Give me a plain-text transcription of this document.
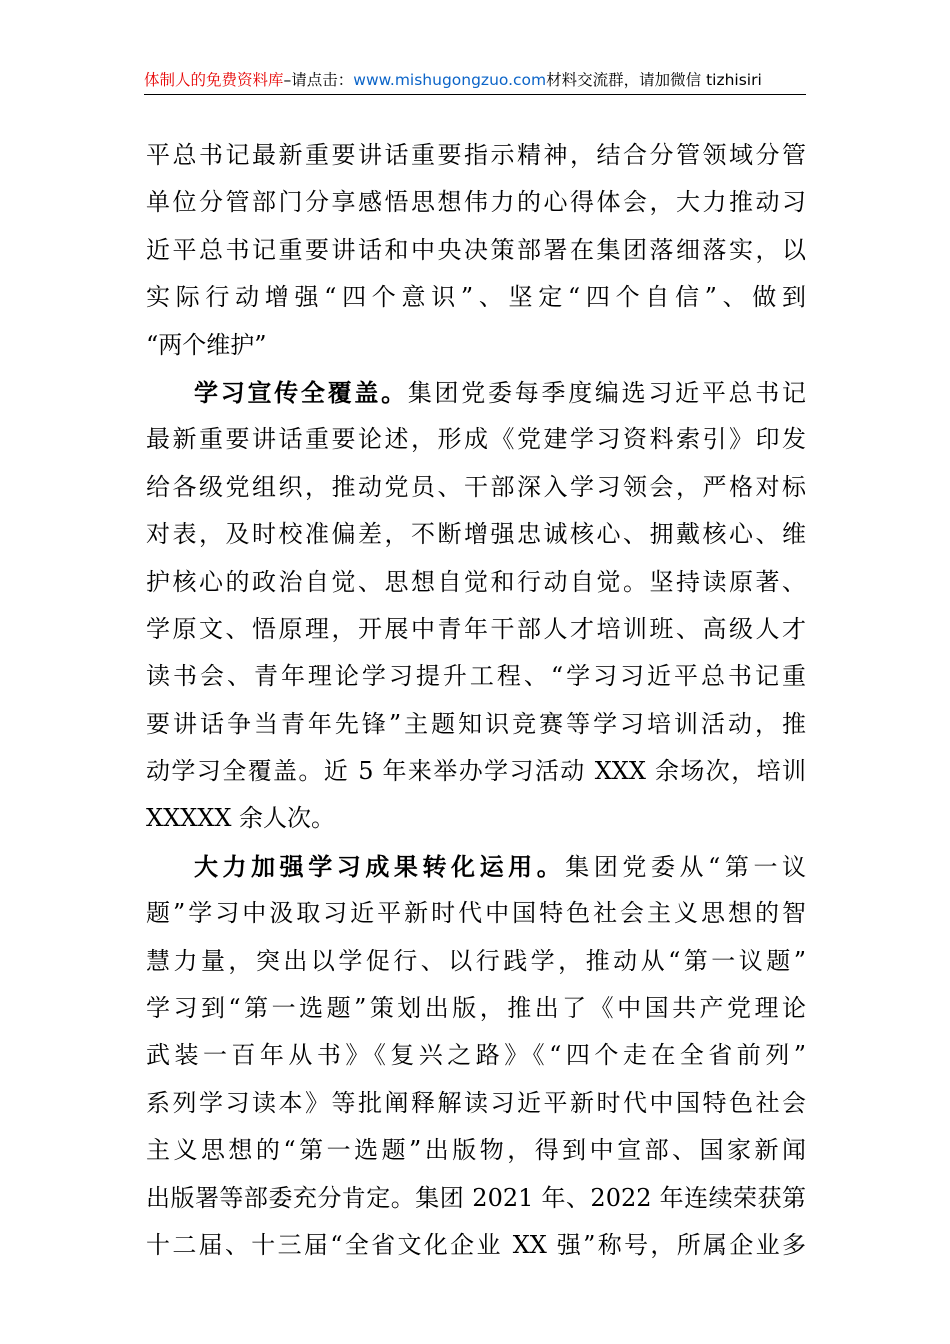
体制人的免费资料库–请点击：www.mishugongzuo.com材料交流群，请加微信 tizhisiri
平总书记最新重要讲话重要指示精神，结合分管领域分管
单位分管部门分享感悟思想伟力的心得体会，大力推动习
近平总书记重要讲话和中央决策部署在集团落细落实，以
实际行动增强“四个意识”、坚定“四个自信”、做到
“两个维护”
学习宣传全覆盖。集团党委每季度编选习近平总书记
最新重要讲话重要论述，形成《党建学习资料索引》印发
给各级党组织，推动党员、干部深入学习领会，严格对标
对表，及时校准偏差，不断增强忠诚核心、拥戴核心、维
护核心的政治自觉、思想自觉和行动自觉。坚持读原著、
学原文、悟原理，开展中青年干部人才培训班、高级人才
读书会、青年理论学习提升工程、“学习习近平总书记重
要讲话争当青年先锋”主题知识竞赛等学习培训活动，推
动学习全覆盖。近 5 年来举办学习活动 XXX 余场次，培训
XXXXX 余人次。
大力加强学习成果转化运用。集团党委从“第一议
题”学习中汲取习近平新时代中国特色社会主义思想的智
慧力量，突出以学促行、以行践学，推动从“第一议题”
学习到“第一选题”策划出版，推出了《中国共产党理论
武装一百年从书》《复兴之路》《“四个走在全省前列”
系列学习读本》等批阐释解读习近平新时代中国特色社会
主义思想的“第一选题”出版物，得到中宣部、国家新闻
出版署等部委充分肯定。集团 2021 年、2022 年连续荣获第
十二届、十三届“全省文化企业 XX 强”称号，所属企业多
